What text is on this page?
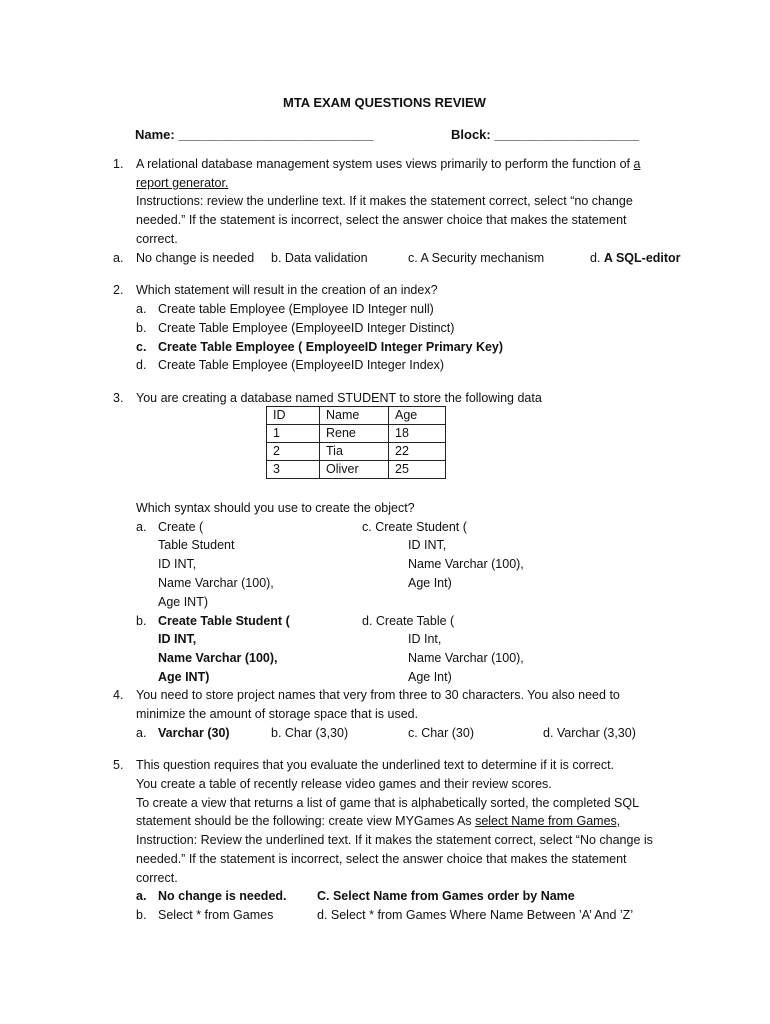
MTA EXAM QUESTIONS REVIEW
Name: ___________________________	Block: ____________________
1. A relational database management system uses views primarily to perform the function of a
report generator.
Instructions: review the underline text. If it makes the statement correct, select “no change
needed.” If the statement is incorrect, select the answer choice that makes the statement
correct.
a. No change is needed b. Data validation	c. A Security mechanism	d. A SQL-editor
2. Which statement will result in the creation of an index?
a. Create table Employee (Employee ID Integer null)
b. Create Table Employee (EmployeeID Integer Distinct)
c. Create Table Employee ( EmployeeID Integer Primary Key)
d. Create Table Employee (EmployeeID Integer Index)
3. You are creating a database named STUDENT to store the following data
ID	Name	Age
1	Rene	18
2	Tia	22
3	Oliver	25
Which syntax should you use to create the object?
a. Create (
Table Student
ID INT,
Name Varchar (100),
Age INT)
c. Create Student (
ID INT,
Name Varchar (100),
Age Int)
b. Create Table Student (
ID INT,
Name Varchar (100),
Age INT)
d. Create Table (
ID Int,
Name Varchar (100),
Age Int)
4. You need to store project names that very from three to 30 characters. You also need to
minimize the amount of storage space that is used.
a. Varchar (30)	b. Char (3,30)	c. Char (30)	d. Varchar (3,30)
5. This question requires that you evaluate the underlined text to determine if it is correct.
You create a table of recently release video games and their review scores.
To create a view that returns a list of game that is alphabetically sorted, the completed SQL
statement should be the following: create view MYGames As select Name from Games,
Instruction: Review the underlined text. If it makes the statement correct, select “No change is
needed.” If the statement is incorrect, select the answer choice that makes the statement
correct.
a. No change is needed. C. Select Name from Games order by Name
b. Select * from Games	d. Select * from Games Where Name Between ’A’ And ’Z’
